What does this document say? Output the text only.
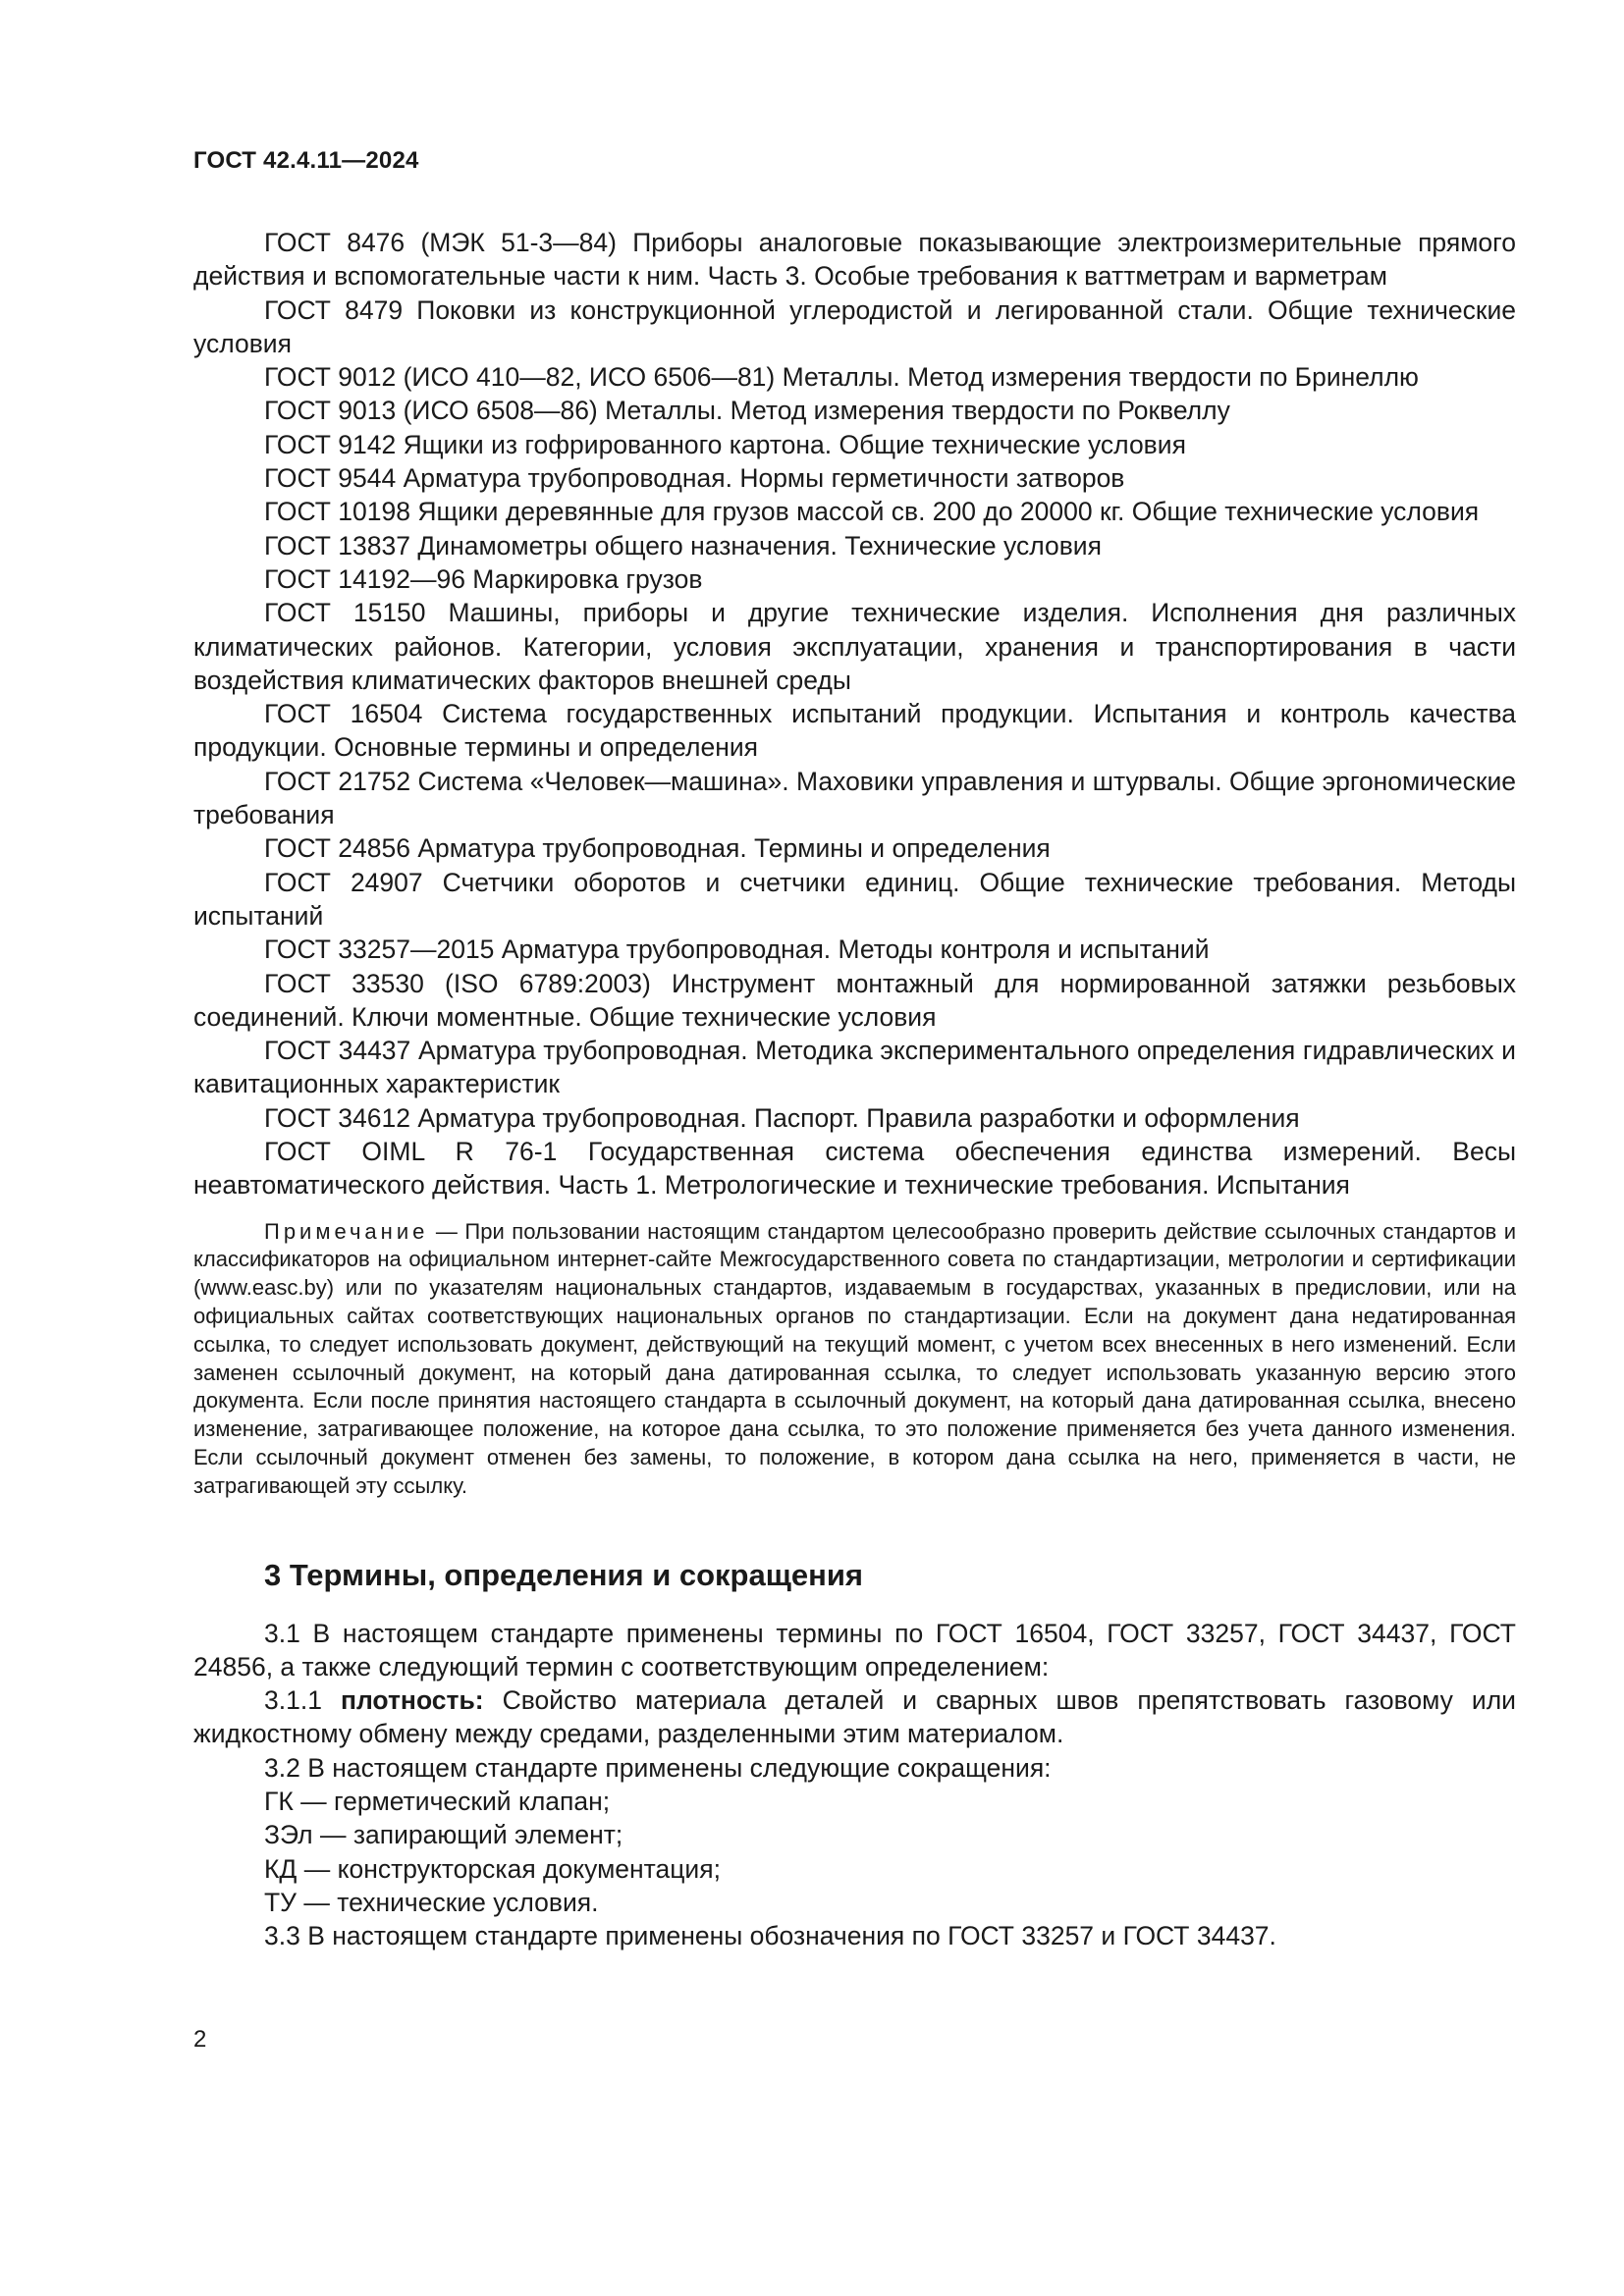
ГОСТ 42.4.11—2024

ГОСТ 8476 (МЭК 51-3—84) Приборы аналоговые показывающие электроизмерительные прямого действия и вспомогательные части к ним. Часть 3. Особые требования к ваттметрам и варметрам

ГОСТ 8479 Поковки из конструкционной углеродистой и легированной стали. Общие технические условия

ГОСТ 9012 (ИСО 410—82, ИСО 6506—81) Металлы. Метод измерения твердости по Бринеллю

ГОСТ 9013 (ИСО 6508—86) Металлы. Метод измерения твердости по Роквеллу

ГОСТ 9142 Ящики из гофрированного картона. Общие технические условия

ГОСТ 9544 Арматура трубопроводная. Нормы герметичности затворов

ГОСТ 10198 Ящики деревянные для грузов массой св. 200 до 20000 кг. Общие технические условия

ГОСТ 13837 Динамометры общего назначения. Технические условия

ГОСТ 14192—96 Маркировка грузов

ГОСТ 15150 Машины, приборы и другие технические изделия. Исполнения дня различных климатических районов. Категории, условия эксплуатации, хранения и транспортирования в части воздействия климатических факторов внешней среды

ГОСТ 16504 Система государственных испытаний продукции. Испытания и контроль качества продукции. Основные термины и определения

ГОСТ 21752 Система «Человек—машина». Маховики управления и штурвалы. Общие эргономические требования

ГОСТ 24856 Арматура трубопроводная. Термины и определения

ГОСТ 24907 Счетчики оборотов и счетчики единиц. Общие технические требования. Методы испытаний

ГОСТ 33257—2015 Арматура трубопроводная. Методы контроля и испытаний

ГОСТ 33530 (ISO 6789:2003) Инструмент монтажный для нормированной затяжки резьбовых соединений. Ключи моментные. Общие технические условия

ГОСТ 34437 Арматура трубопроводная. Методика экспериментального определения гидравлических и кавитационных характеристик

ГОСТ 34612 Арматура трубопроводная. Паспорт. Правила разработки и оформления

ГОСТ OIML R 76-1 Государственная система обеспечения единства измерений. Весы неавтоматического действия. Часть 1. Метрологические и технические требования. Испытания

Примечание — При пользовании настоящим стандартом целесообразно проверить действие ссылочных стандартов и классификаторов на официальном интернет-сайте Межгосударственного совета по стандартизации, метрологии и сертификации (www.easc.by) или по указателям национальных стандартов, издаваемым в государствах, указанных в предисловии, или на официальных сайтах соответствующих национальных органов по стандартизации. Если на документ дана недатированная ссылка, то следует использовать документ, действующий на текущий момент, с учетом всех внесенных в него изменений. Если заменен ссылочный документ, на который дана датированная ссылка, то следует использовать указанную версию этого документа. Если после принятия настоящего стандарта в ссылочный документ, на который дана датированная ссылка, внесено изменение, затрагивающее положение, на которое дана ссылка, то это положение применяется без учета данного изменения. Если ссылочный документ отменен без замены, то положение, в котором дана ссылка на него, применяется в части, не затрагивающей эту ссылку.

3 Термины, определения и сокращения

3.1 В настоящем стандарте применены термины по ГОСТ 16504, ГОСТ 33257, ГОСТ 34437, ГОСТ 24856, а также следующий термин с соответствующим определением:

3.1.1 плотность: Свойство материала деталей и сварных швов препятствовать газовому или жидкостному обмену между средами, разделенными этим материалом.

3.2 В настоящем стандарте применены следующие сокращения:

ГК — герметический клапан;

ЗЭл — запирающий элемент;

КД — конструкторская документация;

ТУ — технические условия.

3.3 В настоящем стандарте применены обозначения по ГОСТ 33257 и ГОСТ 34437.

2
